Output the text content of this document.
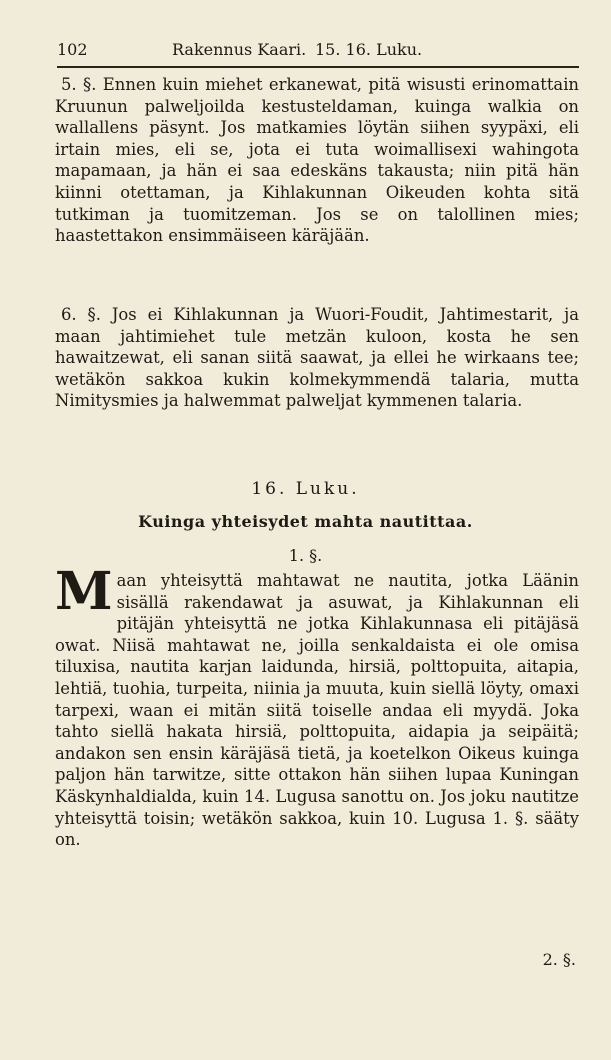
102	Rakennus Kaari. 15. 16. Luku.

5. §. Ennen kuin miehet erkanewat, pitä wisusti erinomattain Kruunun palweljoilda kestusteldaman, kuinga walkia on wallallens päsynt. Jos matkamies löytän siihen syypäxi, eli irtain mies, eli se, jota ei tuta woimallisexi wahingota mapamaan, ja hän ei saa edeskäns takausta; niin pitä hän kiinni otettaman, ja Kihlakunnan Oikeuden kohta sitä tutkiman ja tuomitzeman. Jos se on talollinen mies; haastettakon ensimmäiseen käräjään.

6. §. Jos ei Kihlakunnan ja Wuori-Foudit, Jahtimestarit, ja maan jahtimiehet tule metzän kuloon, kosta he sen hawaitzewat, eli sanan siitä saawat, ja ellei he wirkaans tee; wetäkön sakkoa kukin kolmekymmendä talaria, mutta Nimitysmies ja halwemmat palweljat kymmenen talaria.

16. Luku.
Kuinga yhteisydet mahta nautittaa.
1. §.

Maan yhteisyttä mahtawat ne nautita, jotka Läänin sisällä rakendawat ja asuwat, ja Kihlakunnan eli pitäjän yhteisyttä ne jotka Kihlakunnasa eli pitäjäsä owat. Niisä mahtawat ne, joilla senkaldaista ei ole omisa tiluxisa, nautita karjan laidunda, hirsiä, polttopuita, aitapia, lehtiä, tuohia, turpeita, niinia ja muuta, kuin siellä löyty, omaxi tarpexi, waan ei mitän siitä toiselle andaa eli myydä. Joka tahto siellä hakata hirsiä, polttopuita, aidapia ja seipäitä; andakon sen ensin käräjäsä tietä, ja koetelkon Oikeus kuinga paljon hän tarwitze, sitte ottakon hän siihen lupaa Kuningan Käskynhaldialda, kuin 14. Lugusa sanottu on. Jos joku nautitze yhteisyttä toisin; wetäkön sakkoa, kuin 10. Lugusa 1. §. sääty on.

2. §.
